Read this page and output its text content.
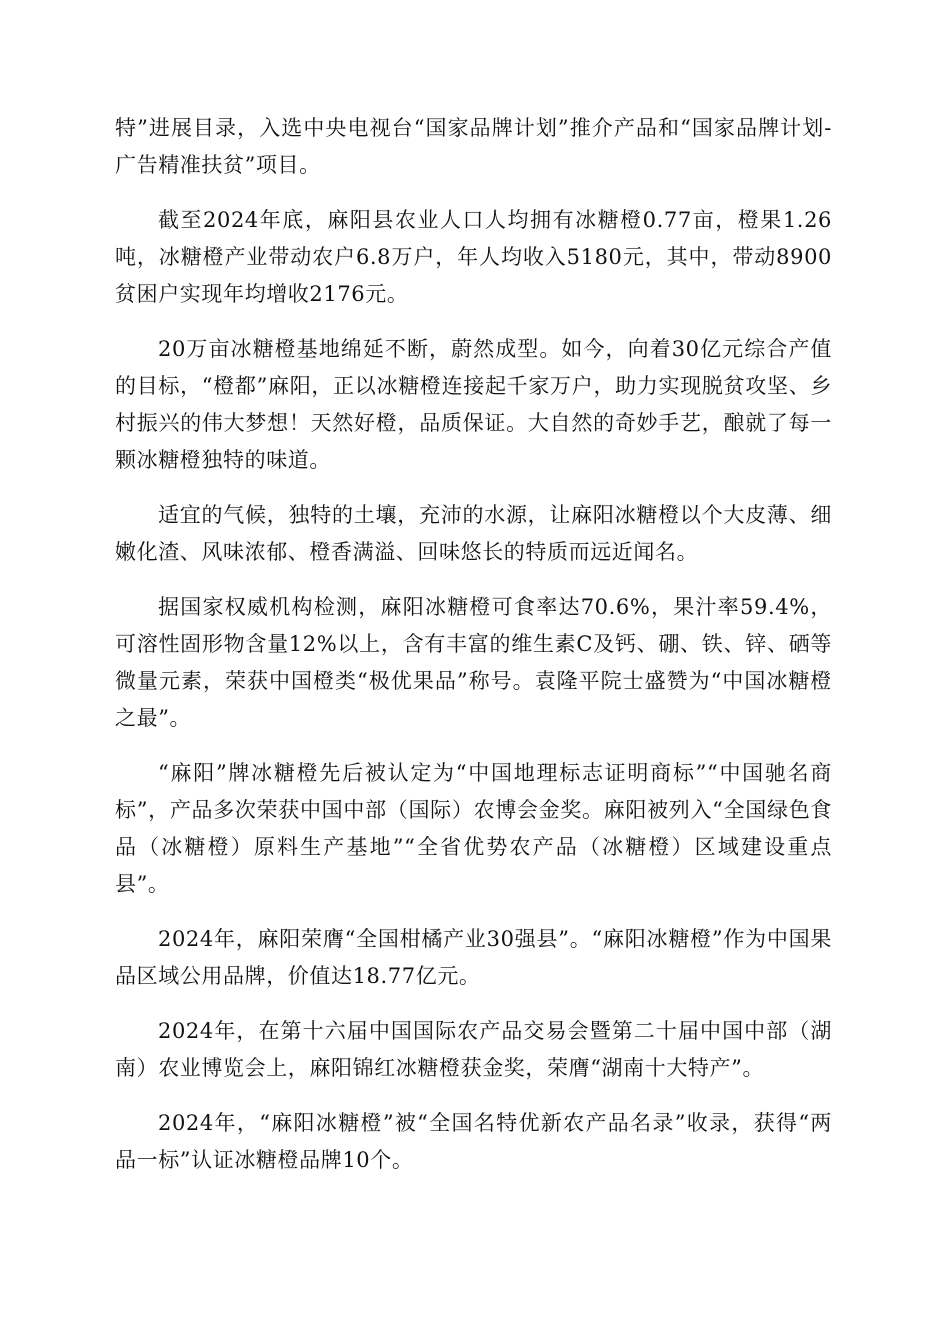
特”进展目录，入选中央电视台“国家品牌计划”推介产品和“国家品牌计划-广告精准扶贫”项目。

截至2024年底，麻阳县农业人口人均拥有冰糖橙0.77亩，橙果1.26吨，冰糖橙产业带动农户6.8万户，年人均收入5180元，其中，带动8900贫困户实现年均增收2176元。

20万亩冰糖橙基地绵延不断，蔚然成型。如今，向着30亿元综合产值的目标，“橙都”麻阳，正以冰糖橙连接起千家万户，助力实现脱贫攻坚、乡村振兴的伟大梦想！天然好橙，品质保证。大自然的奇妙手艺，酿就了每一颗冰糖橙独特的味道。

适宜的气候，独特的土壤，充沛的水源，让麻阳冰糖橙以个大皮薄、细嫩化渣、风味浓郁、橙香满溢、回味悠长的特质而远近闻名。

据国家权威机构检测，麻阳冰糖橙可食率达70.6%，果汁率59.4%，可溶性固形物含量12%以上，含有丰富的维生素C及钙、硼、铁、锌、硒等微量元素，荣获中国橙类“极优果品”称号。袁隆平院士盛赞为“中国冰糖橙之最”。

“麻阳”牌冰糖橙先后被认定为“中国地理标志证明商标”“中国驰名商标”，产品多次荣获中国中部（国际）农博会金奖。麻阳被列入“全国绿色食品（冰糖橙）原料生产基地”“全省优势农产品（冰糖橙）区域建设重点县”。

2024年，麻阳荣膺“全国柑橘产业30强县”。“麻阳冰糖橙”作为中国果品区域公用品牌，价值达18.77亿元。

2024年，在第十六届中国国际农产品交易会暨第二十届中国中部（湖南）农业博览会上，麻阳锦红冰糖橙获金奖，荣膺“湖南十大特产”。

2024年，“麻阳冰糖橙”被“全国名特优新农产品名录”收录，获得“两品一标”认证冰糖橙品牌10个。
